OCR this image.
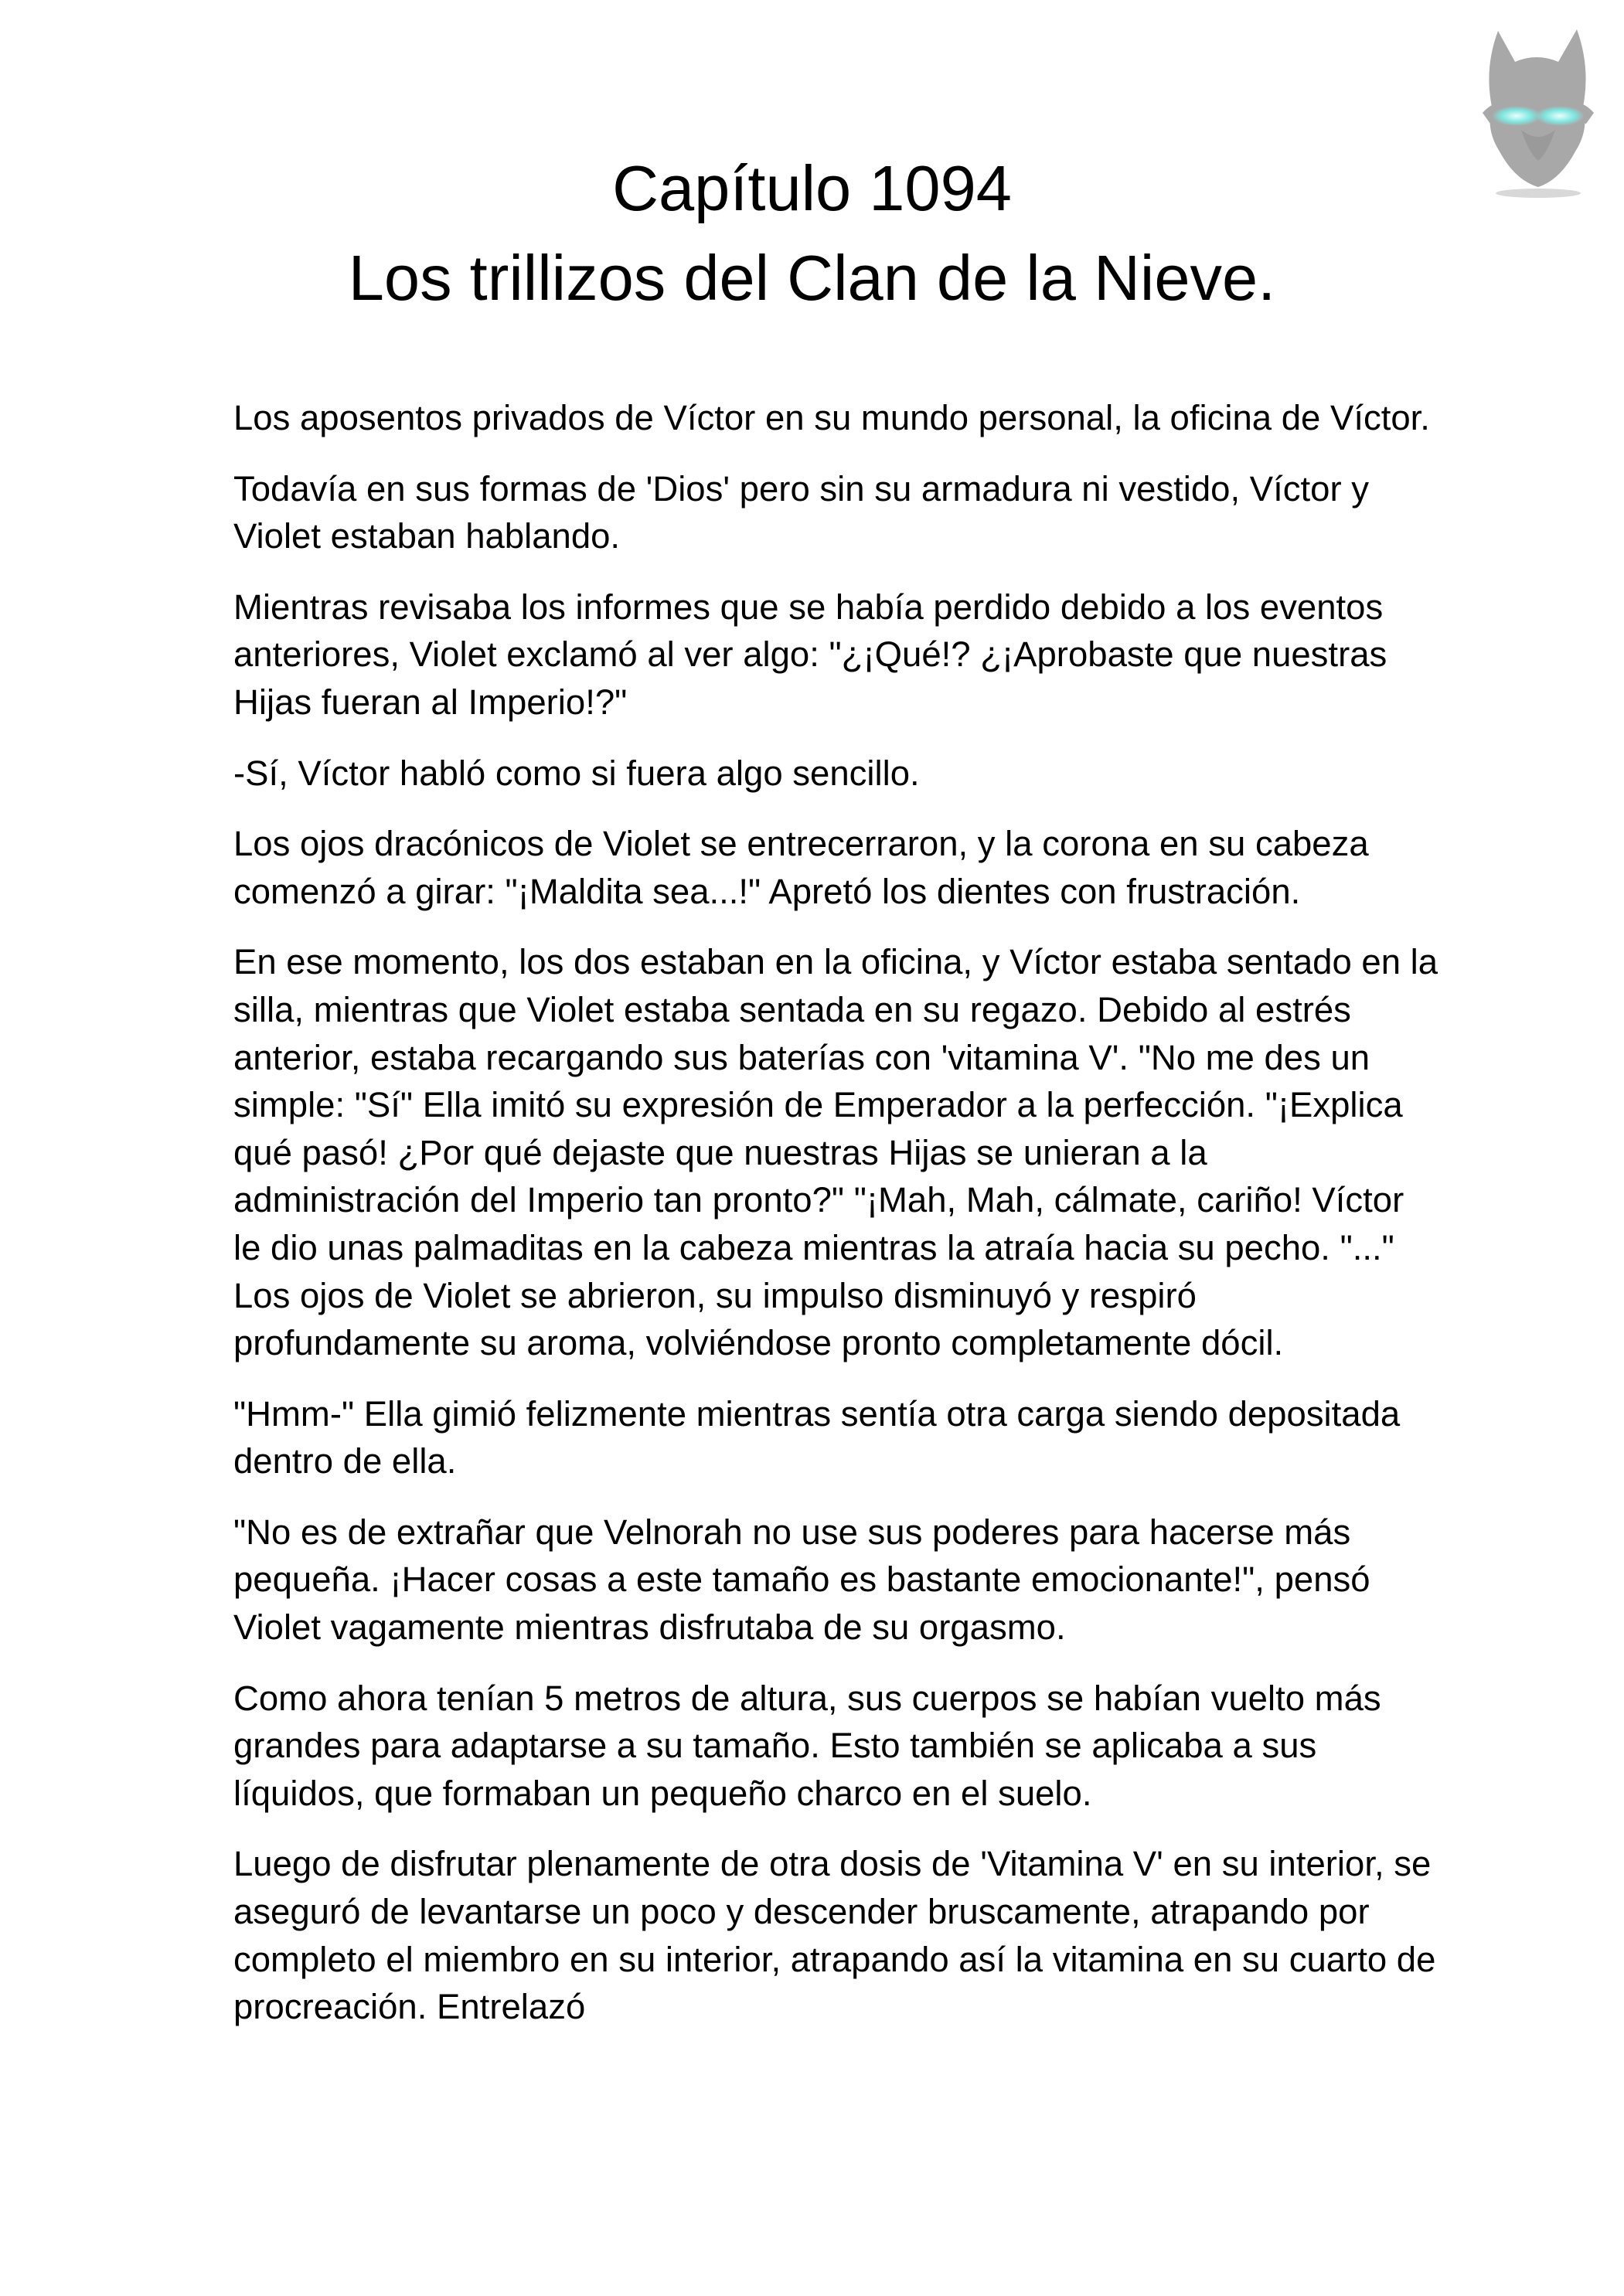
Capítulo 1094
Los trillizos del Clan de la Nieve.

Los aposentos privados de Víctor en su mundo personal, la oficina de Víctor.

Todavía en sus formas de 'Dios' pero sin su armadura ni vestido, Víctor y Violet estaban hablando.

Mientras revisaba los informes que se había perdido debido a los eventos anteriores, Violet exclamó al ver algo: "¿¡Qué!? ¿¡Aprobaste que nuestras Hijas fueran al Imperio!?"

-Sí, Víctor habló como si fuera algo sencillo.

Los ojos dracónicos de Violet se entrecerraron, y la corona en su cabeza comenzó a girar: "¡Maldita sea...!" Apretó los dientes con frustración.

En ese momento, los dos estaban en la oficina, y Víctor estaba sentado en la silla, mientras que Violet estaba sentada en su regazo. Debido al estrés anterior, estaba recargando sus baterías con 'vitamina V'. "No me des un simple: "Sí" Ella imitó su expresión de Emperador a la perfección. "¡Explica qué pasó! ¿Por qué dejaste que nuestras Hijas se unieran a la administración del Imperio tan pronto?" "¡Mah, Mah, cálmate, cariño! Víctor le dio unas palmaditas en la cabeza mientras la atraía hacia su pecho. "..." Los ojos de Violet se abrieron, su impulso disminuyó y respiró profundamente su aroma, volviéndose pronto completamente dócil.

"Hmm-" Ella gimió felizmente mientras sentía otra carga siendo depositada dentro de ella.

"No es de extrañar que Velnorah no use sus poderes para hacerse más pequeña. ¡Hacer cosas a este tamaño es bastante emocionante!", pensó Violet vagamente mientras disfrutaba de su orgasmo.

Como ahora tenían 5 metros de altura, sus cuerpos se habían vuelto más grandes para adaptarse a su tamaño. Esto también se aplicaba a sus líquidos, que formaban un pequeño charco en el suelo.

Luego de disfrutar plenamente de otra dosis de 'Vitamina V' en su interior, se aseguró de levantarse un poco y descender bruscamente, atrapando por completo el miembro en su interior, atrapando así la vitamina en su cuarto de procreación. Entrelazó
